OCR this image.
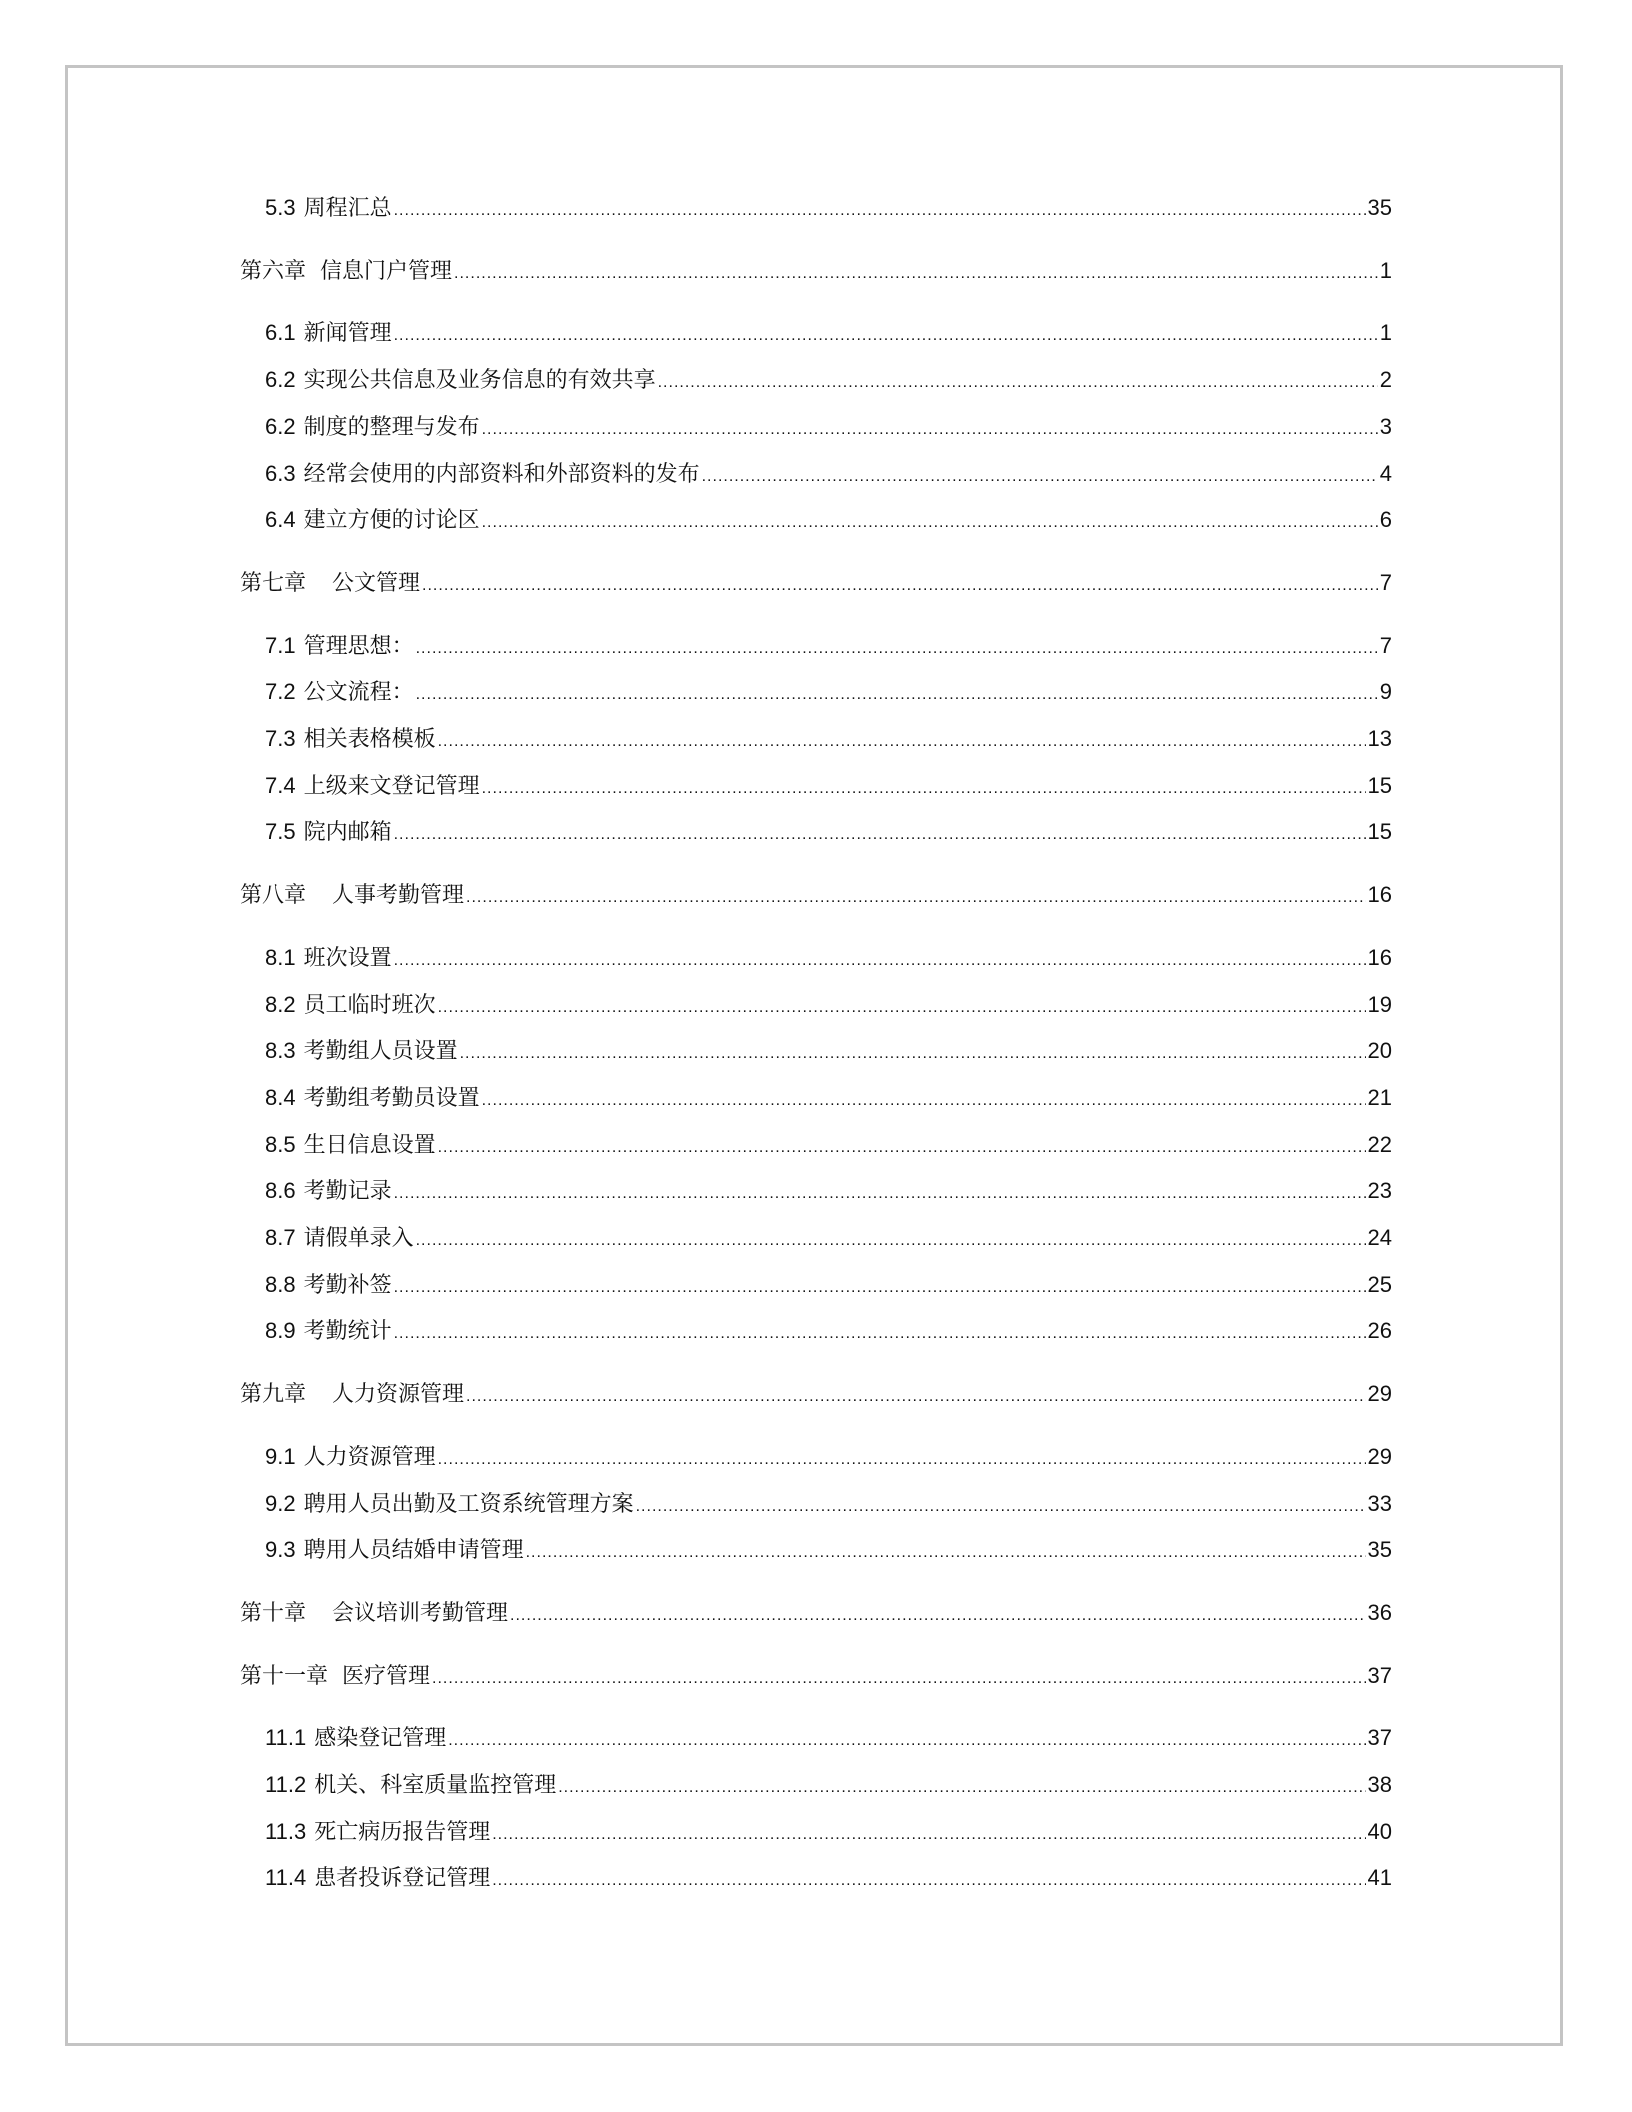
5.3 周程汇总 .....	35
第六章 信息门户管理 .....	1
6.1 新闻管理 .....	1
6.2 实现公共信息及业务信息的有效共享 .....	2
6.2 制度的整理与发布 .....	3
6.3 经常会使用的内部资料和外部资料的发布 .....	4
6.4 建立方便的讨论区 .....	6
第七章 公文管理 .....	7
7.1 管理思想： .....	7
7.2 公文流程： .....	9
7.3 相关表格模板 .....	13
7.4 上级来文登记管理 .....	15
7.5 院内邮箱 .....	15
第八章 人事考勤管理 .....	16
8.1 班次设置 .....	16
8.2 员工临时班次 .....	19
8.3 考勤组人员设置 .....	20
8.4 考勤组考勤员设置 .....	21
8.5 生日信息设置 .....	22
8.6 考勤记录 .....	23
8.7 请假单录入 .....	24
8.8 考勤补签 .....	25
8.9 考勤统计 .....	26
第九章 人力资源管理 .....	29
9.1 人力资源管理 .....	29
9.2 聘用人员出勤及工资系统管理方案 .....	33
9.3 聘用人员结婚申请管理 .....	35
第十章 会议培训考勤管理 .....	36
第十一章 医疗管理 .....	37
11.1 感染登记管理 .....	37
11.2 机关、科室质量监控管理 .....	38
11.3 死亡病历报告管理 .....	40
11.4 患者投诉登记管理 .....	41
